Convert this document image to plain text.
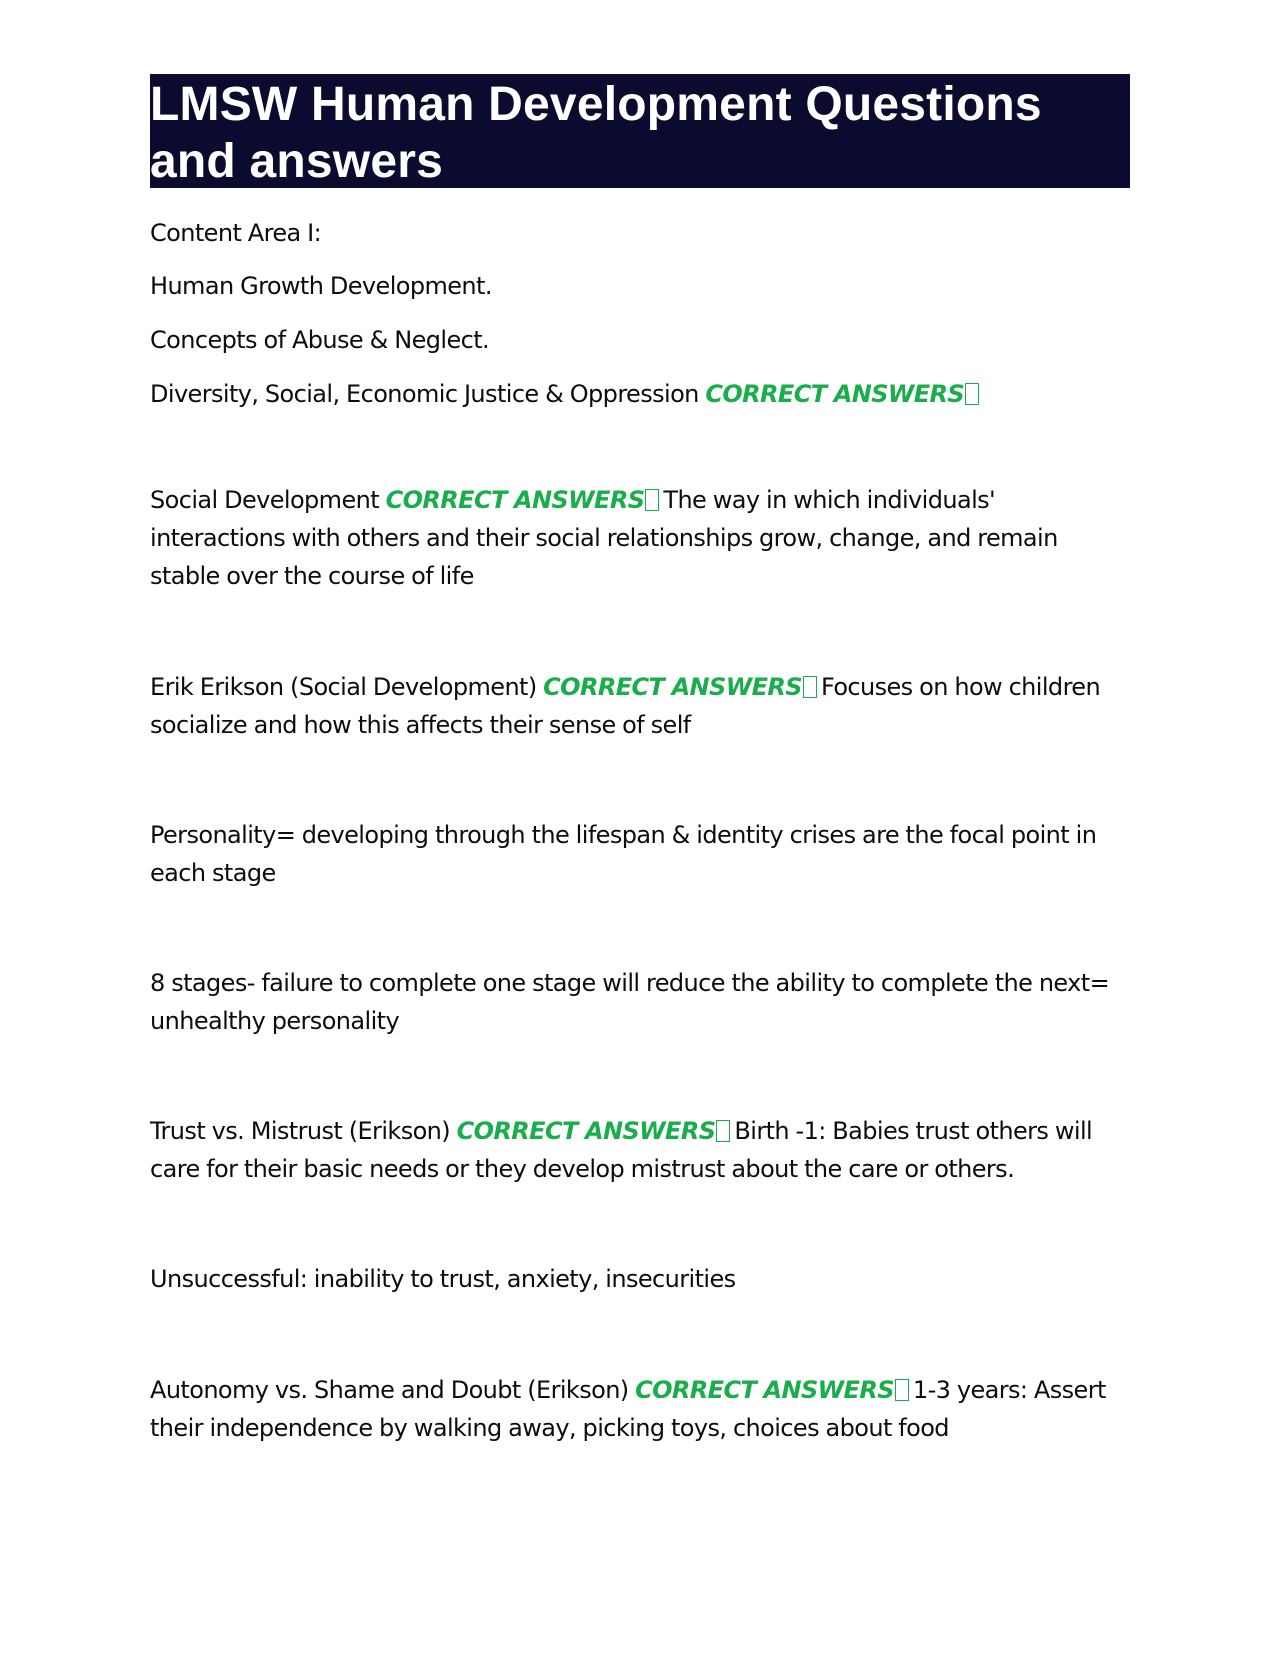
LMSW Human Development Questions and answers
Content Area I:
Human Growth Development.
Concepts of Abuse & Neglect.
Diversity, Social, Economic Justice & Oppression CORRECT ANSWERS
Social Development CORRECT ANSWERS The way in which individuals' interactions with others and their social relationships grow, change, and remain stable over the course of life
Erik Erikson (Social Development) CORRECT ANSWERS Focuses on how children socialize and how this affects their sense of self
Personality= developing through the lifespan & identity crises are the focal point in each stage
8 stages- failure to complete one stage will reduce the ability to complete the next= unhealthy personality
Trust vs. Mistrust (Erikson) CORRECT ANSWERS Birth -1: Babies trust others will care for their basic needs or they develop mistrust about the care or others.
Unsuccessful: inability to trust, anxiety, insecurities
Autonomy vs. Shame and Doubt (Erikson) CORRECT ANSWERS 1-3 years: Assert their independence by walking away, picking toys, choices about food
